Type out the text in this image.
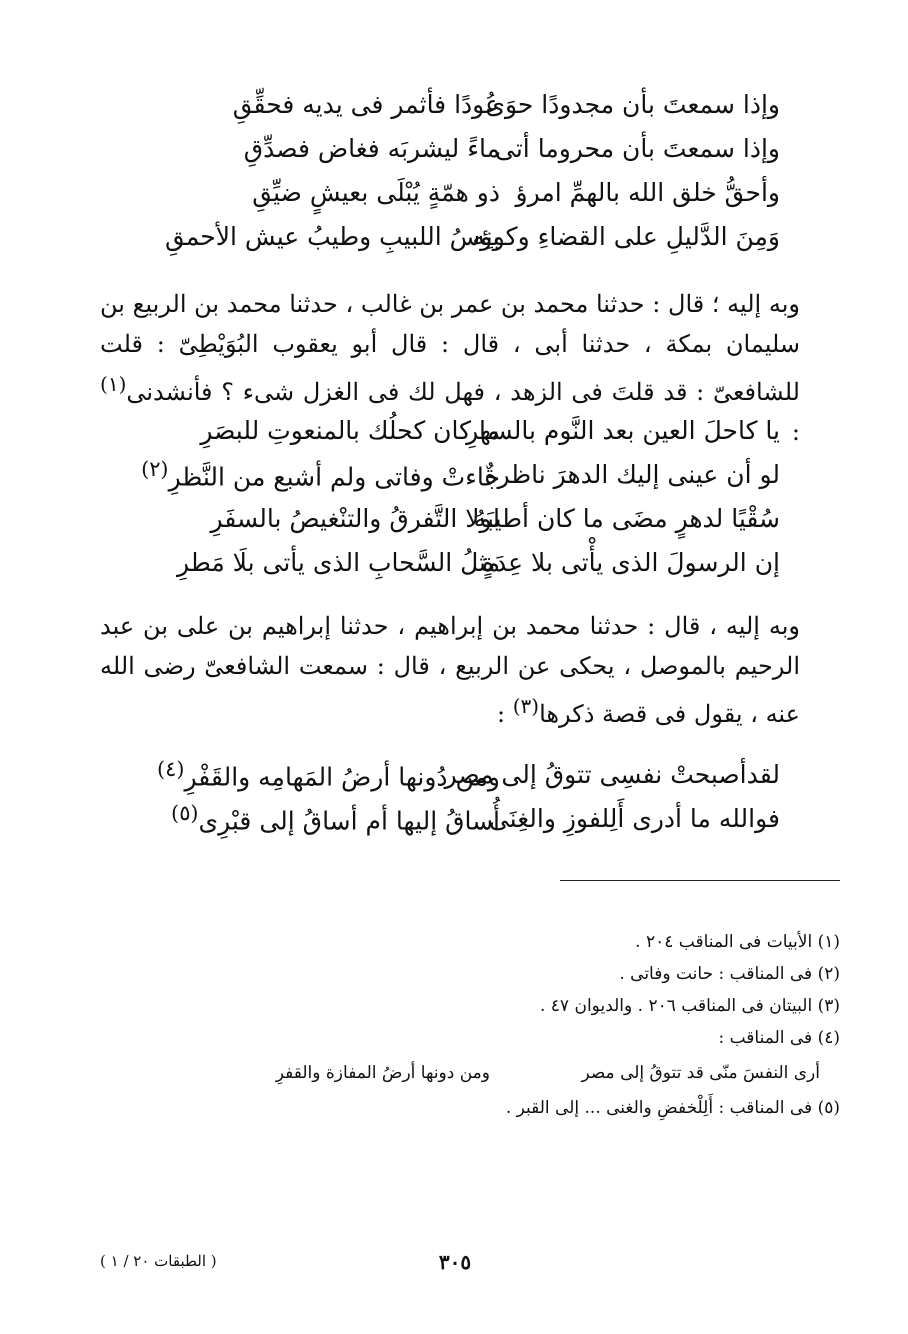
وإذا سمعتَ بأن مجدودًا حوَى
عُودًا فأثمر فى يديه فحقِّقِ
وإذا سمعتَ بأن محروما أتى
ماءً ليشربَه فغاض فصدِّقِ
وأحقُّ خلق الله بالهمِّ امرؤ
ذو همّةٍ يُبْلَى بعيشٍ ضيِّقِ
وَمِنَ الدَّليلِ على القضاءِ وكونِه
بؤسُ اللبيبِ وطيبُ عيش الأحمقِ
وبه إليه ؛ قال : حدثنا محمد بن عمر بن غالب ، حدثنا محمد بن الربيع بن سليمان بمكة ، حدثنا أبى ، قال : قال أبو يعقوب البُوَيْطِىّ : قلت للشافعىّ : قد قلتَ فى الزهد ، فهل لك فى الغزل شىء ؟ فأنشدنى$^{(١)}$ :
يا كاحلَ العين بعد النَّوم بالسهرِ
ما كان كحلُك بالمنعوتِ للبصَرِ
لو أن عينى إليك الدهرَ ناظرةٌ
جاءتْ وفاتى ولم أشبع من النَّظرِ$^{(٢)}$
سُقْيًا لدهرٍ مضَى ما كان أطيبَهُ
لولا التَّفرقُ والتنْغيصُ بالسفَرِ
إن الرسولَ الذى يأْتى بلا عِدَةٍ
مثلُ السَّحابِ الذى يأتى بلَا مَطرِ
وبه إليه ، قال : حدثنا محمد بن إبراهيم ، حدثنا إبراهيم بن على بن عبد الرحيم بالموصل ، يحكى عن الربيع ، قال : سمعت الشافعىّ رضى الله عنه ، يقول فى قصة ذكرها$^{(٣)}$ :
لقدأصبحتْ نفسِى تتوقُ إلى مصر
ومن دُونها أرضُ المَهامِه والقَفْرِ$^{(٤)}$
فوالله ما أدرى أَلِلفوزِ والغِنَى
أُساقُ إليها أم أساقُ إلى قبْرِى$^{(٥)}$
(١) الأبيات فى المناقب ٢٠٤ .
(٢) فى المناقب : حانت وفاتى .
(٣) البيتان فى المناقب ٢٠٦ . والديوان ٤٧ .
(٤) فى المناقب :
أرى النفسَ منّى قد تتوقُ إلى مصر
ومن دونها أرضُ المفازة والقفرِ
(٥) فى المناقب : أَلِلْخفضِ والغنى ... إلى القبر .
٣٠٥
( الطبقات ٢٠ / ١ )
